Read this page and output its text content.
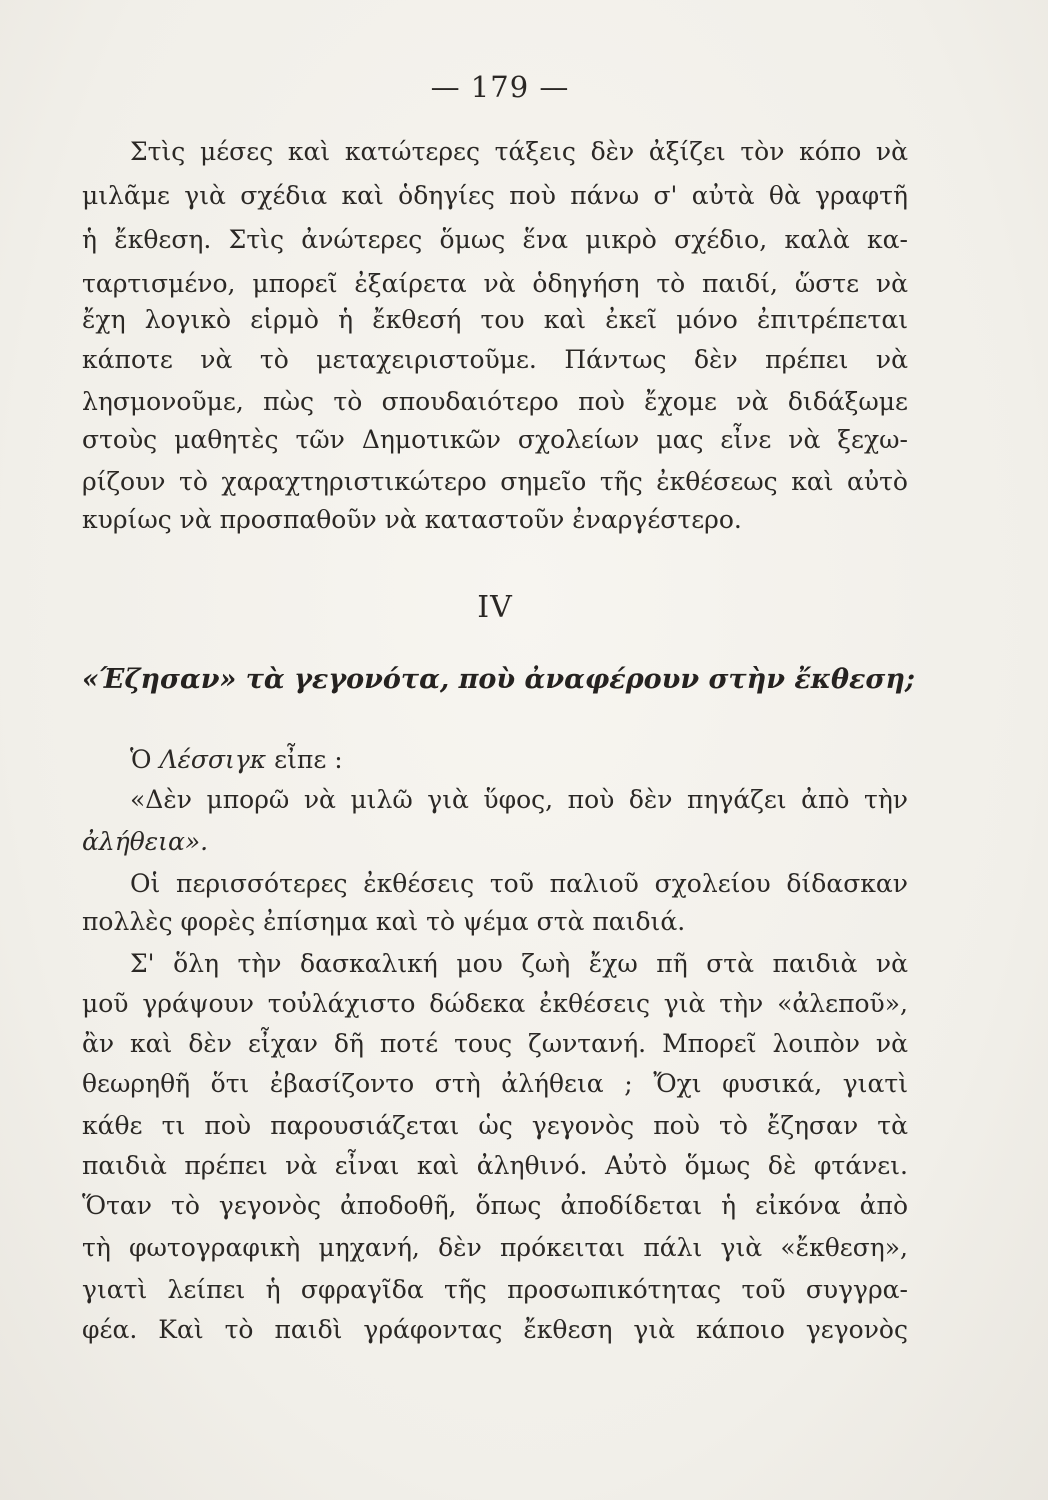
— 179 —
Στὶς μέσες καὶ κατώτερες τάξεις δὲν ἀξίζει τὸν κόπο νὰ
μιλᾶμε γιὰ σχέδια καὶ ὁδηγίες ποὺ πάνω σ' αὐτὰ θὰ γραφτῆ
ἡ ἔκθεση. Στὶς ἀνώτερες ὅμως ἕνα μικρὸ σχέδιο, καλὰ κα-
ταρτισμένο, μπορεῖ ἐξαίρετα νὰ ὁδηγήση τὸ παιδί, ὥστε νὰ
ἔχη λογικὸ εἱρμὸ ἡ ἔκθεσή του καὶ ἐκεῖ μόνο ἐπιτρέπεται
κάποτε νὰ τὸ μεταχειριστοῦμε. Πάντως δὲν πρέπει νὰ
λησμονοῦμε, πὼς τὸ σπουδαιότερο ποὺ ἔχομε νὰ διδάξωμε
στοὺς μαθητὲς τῶν Δημοτικῶν σχολείων μας εἶνε νὰ ξεχω-
ρίζουν τὸ χαραχτηριστικώτερο σημεῖο τῆς ἐκθέσεως καὶ αὐτὸ
κυρίως νὰ προσπαθοῦν νὰ καταστοῦν ἐναργέστερο.
IV
«Έζησαν» τὰ γεγονότα, ποὺ ἀναφέρουν στὴν ἔκθεση;
Ὁ Λέσσιγκ εἶπε :
«Δὲν μπορῶ νὰ μιλῶ γιὰ ὕφος, ποὺ δὲν πηγάζει ἀπὸ τὴν
ἀλήθεια».
Οἱ περισσότερες ἐκθέσεις τοῦ παλιοῦ σχολείου δίδασκαν
πολλὲς φορὲς ἐπίσημα καὶ τὸ ψέμα στὰ παιδιά.
Σ' ὅλη τὴν δασκαλική μου ζωὴ ἔχω πῆ στὰ παιδιὰ νὰ
μοῦ γράψουν τοὐλάχιστο δώδεκα ἐκθέσεις γιὰ τὴν «ἀλεποῦ»,
ἂν καὶ δὲν εἶχαν δῆ ποτέ τους ζωντανή. Μπορεῖ λοιπὸν νὰ
θεωρηθῆ ὅτι ἐβασίζοντο στὴ ἀλήθεια ; Ὄχι φυσικά, γιατὶ
κάθε τι ποὺ παρουσιάζεται ὡς γεγονὸς ποὺ τὸ ἔζησαν τὰ
παιδιὰ πρέπει νὰ εἶναι καὶ ἀληθινό. Αὐτὸ ὅμως δὲ φτάνει.
Ὅταν τὸ γεγονὸς ἀποδοθῆ, ὅπως ἀποδίδεται ἡ εἰκόνα ἀπὸ
τὴ φωτογραφικὴ μηχανή, δὲν πρόκειται πάλι γιὰ «ἔκθεση»,
γιατὶ λείπει ἡ σφραγῖδα τῆς προσωπικότητας τοῦ συγγρα-
φέα. Καὶ τὸ παιδὶ γράφοντας ἔκθεση γιὰ κάποιο γεγονὸς
